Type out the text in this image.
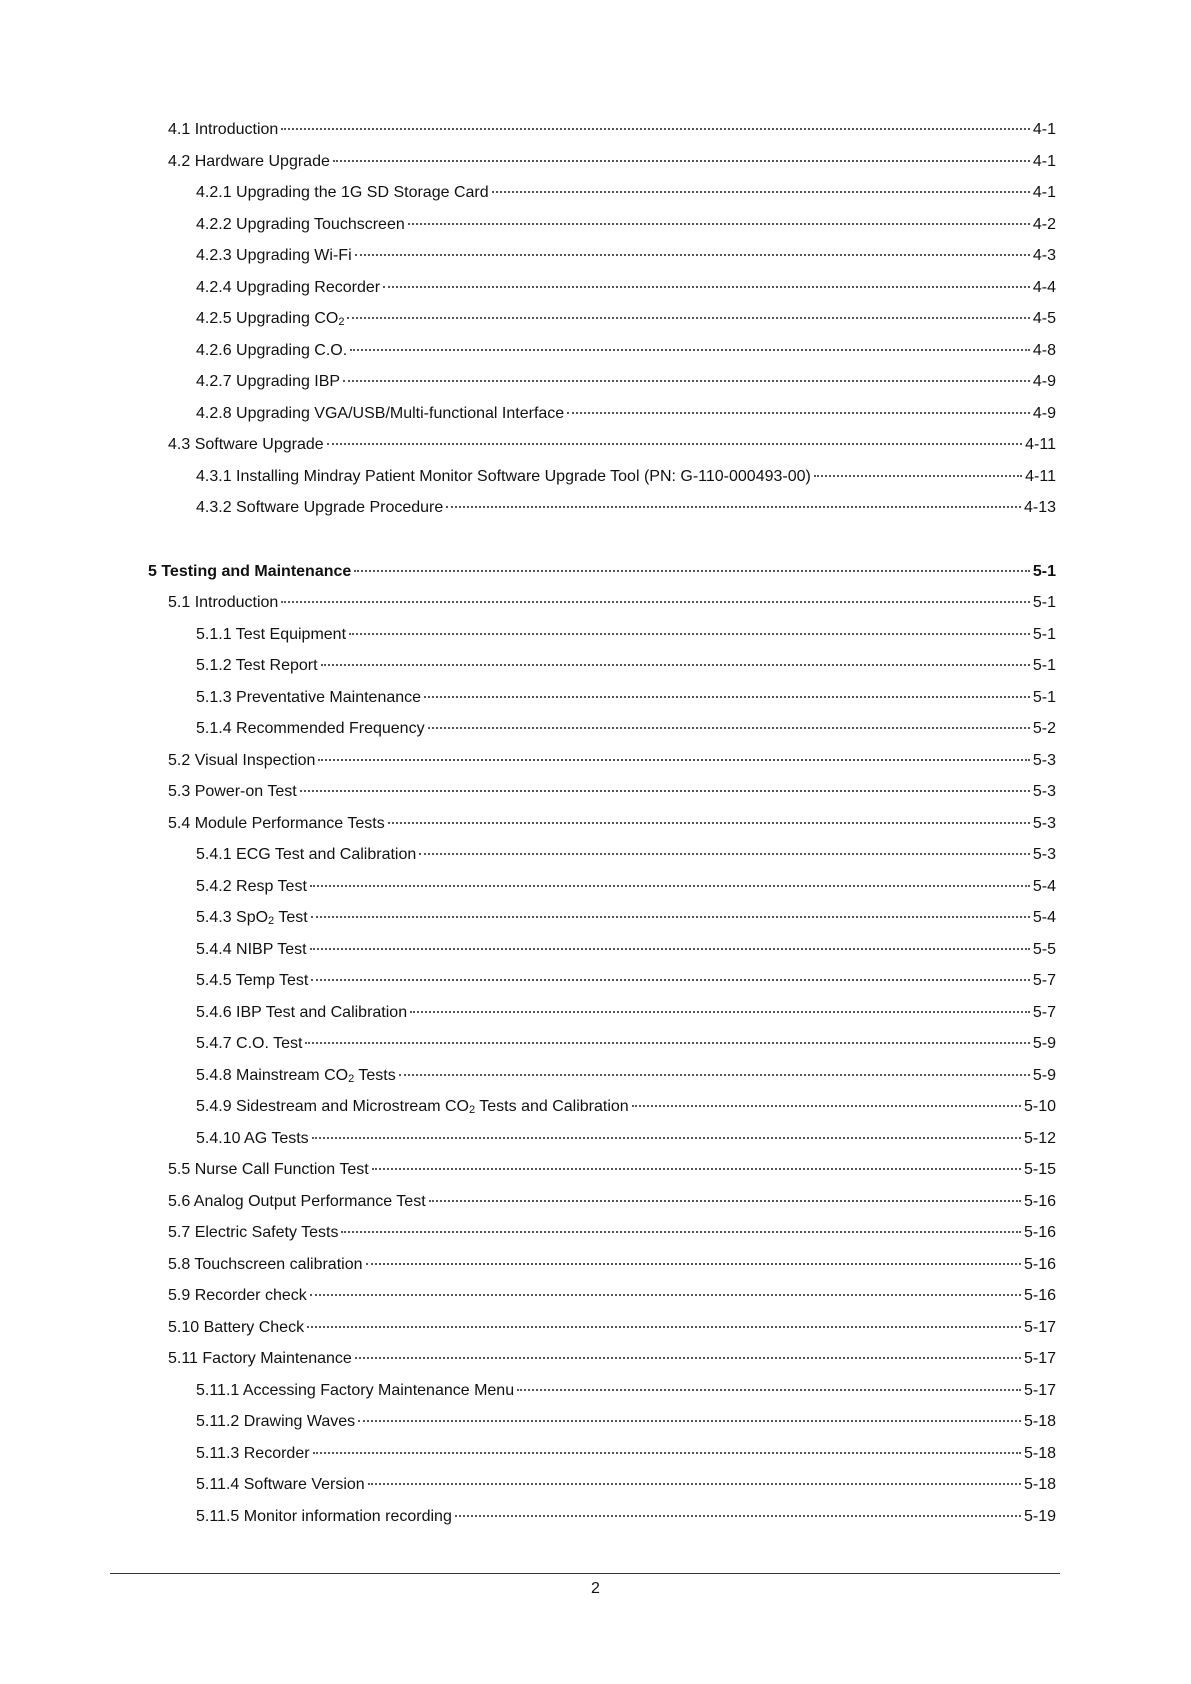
4.1 Introduction	4-1
4.2 Hardware Upgrade	4-1
4.2.1 Upgrading the 1G SD Storage Card	4-1
4.2.2 Upgrading Touchscreen	4-2
4.2.3 Upgrading Wi-Fi	4-3
4.2.4 Upgrading Recorder	4-4
4.2.5 Upgrading $CO_2$	4-5
4.2.6 Upgrading C.O.	4-8
4.2.7 Upgrading IBP	4-9
4.2.8 Upgrading VGA/USB/Multi-functional Interface	4-9
4.3 Software Upgrade	4-11
4.3.1 Installing Mindray Patient Monitor Software Upgrade Tool (PN: G-110-000493-00)	4-11
4.3.2 Software Upgrade Procedure	4-13
5 Testing and Maintenance	5-1
5.1 Introduction	5-1
5.1.1 Test Equipment	5-1
5.1.2 Test Report	5-1
5.1.3 Preventative Maintenance	5-1
5.1.4 Recommended Frequency	5-2
5.2 Visual Inspection	5-3
5.3 Power-on Test	5-3
5.4 Module Performance Tests	5-3
5.4.1 ECG Test and Calibration	5-3
5.4.2 Resp Test	5-4
5.4.3 SpO$_2$ Test	5-4
5.4.4 NIBP Test	5-5
5.4.5 Temp Test	5-7
5.4.6 IBP Test and Calibration	5-7
5.4.7 C.O. Test	5-9
5.4.8 Mainstream $CO_2$ Tests	5-9
5.4.9 Sidestream and Microstream $CO_2$ Tests and Calibration	5-10
5.4.10 AG Tests	5-12
5.5 Nurse Call Function Test	5-15
5.6 Analog Output Performance Test	5-16
5.7 Electric Safety Tests	5-16
5.8 Touchscreen calibration	5-16
5.9 Recorder check	5-16
5.10 Battery Check	5-17
5.11 Factory Maintenance	5-17
5.11.1 Accessing Factory Maintenance Menu	5-17
5.11.2 Drawing Waves	5-18
5.11.3 Recorder	5-18
5.11.4 Software Version	5-18
5.11.5 Monitor information recording	5-19
2
